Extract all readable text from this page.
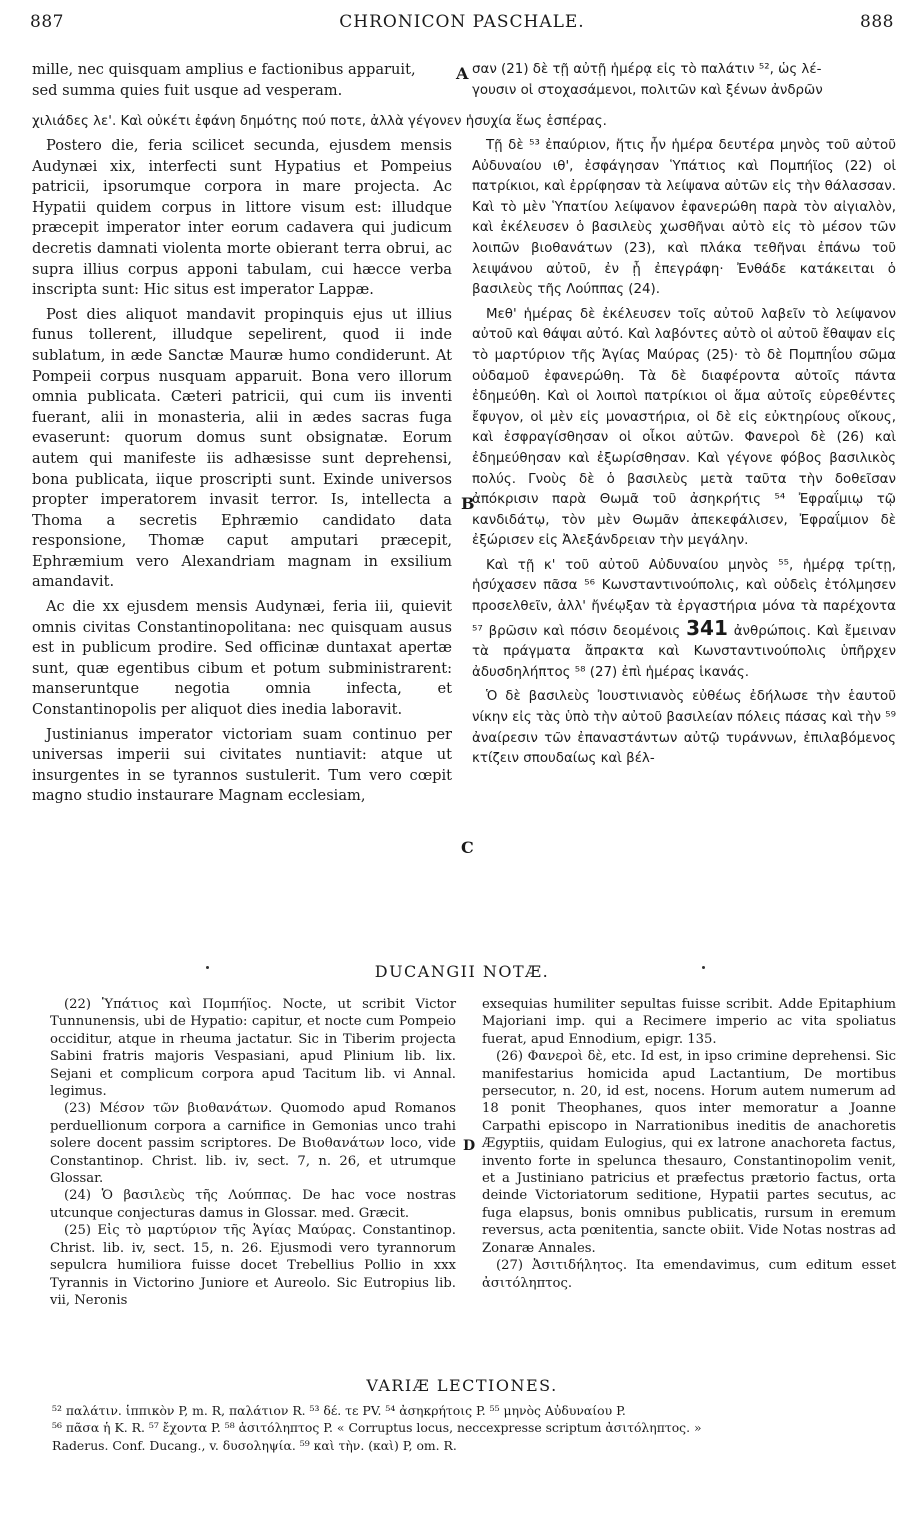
887	CHRONICON PASCHALE.	888

mille, nec quisquam amplius e factionibus apparuit,

sed summa quies fuit usque ad vesperam.

A σαν (21) δὲ τῇ αὐτῇ ἡμέρᾳ εἰς τὸ παλάτιν ⁵², ὡς λέ-

γουσιν οἱ στοχασάμενοι, πολιτῶν καὶ ξένων ἀνδρῶν

χιλιάδες λε'. Καὶ οὐκέτι ἐφάνη δημότης πού ποτε, ἀλλὰ γέγονεν ἡσυχία ἕως ἑσπέρας.

Postero die, feria scilicet secunda, ejusdem mensis Audynæi xix, interfecti sunt Hypatius et Pompeius patricii, ipsorumque corpora in mare projecta. Ac Hypatii quidem corpus in littore visum est: illudque præcepit imperator inter eorum cadavera qui judicum decretis damnati violenta morte obierant terra obrui, ac supra illius corpus apponi tabulam, cui hæcce verba inscripta sunt: Hic situs est imperator Lappæ.

Post dies aliquot mandavit propinquis ejus ut illius funus tollerent, illudque sepelirent, quod ii inde sublatum, in æde Sanctæ Mauræ humo condiderunt. At Pompeii corpus nusquam apparuit. Bona vero illorum omnia publicata. Cæteri patricii, qui cum iis inventi fuerant, alii in monasteria, alii in ædes sacras fuga evaserunt: quorum domus sunt obsignatæ. Eorum autem qui manifeste iis adhæsisse sunt deprehensi, bona publicata, iique proscripti sunt. Exinde universos propter imperatorem invasit terror. Is, intellecta a Thoma a secretis Ephræmio candidato data responsione, Thomæ caput amputari præcepit, Ephræmium vero Alexandriam magnam in exsilium amandavit.

Ac die xx ejusdem mensis Audynæi, feria iii, quievit omnis civitas Constantinopolitana: nec quisquam ausus est in publicum prodire. Sed officinæ duntaxat apertæ sunt, quæ egentibus cibum et potum subministrarent: manseruntque negotia omnia infecta, et Constantinopolis per aliquot dies inedia laboravit.

Justinianus imperator victoriam suam continuo per universas imperii sui civitates nuntiavit: atque ut insurgentes in se tyrannos sustulerit. Tum vero cœpit magno studio instaurare Magnam ecclesiam,

B
C

Τῇ δὲ ⁵³ ἐπαύριον, ἥτις ἦν ἡμέρα δευτέρα μηνὸς τοῦ αὐτοῦ Αὐδυναίου ιθ', ἐσφάγησαν Ὑπάτιος καὶ Πομπήϊος (22) οἱ πατρίκιοι, καὶ ἐρρίφησαν τὰ λείψανα αὐτῶν εἰς τὴν θάλασσαν. Καὶ τὸ μὲν Ὑπατίου λείψανον ἐφανερώθη παρὰ τὸν αἰγιαλὸν, καὶ ἐκέλευσεν ὁ βασιλεὺς χωσθῆναι αὐτὸ εἰς τὸ μέσον τῶν λοιπῶν βιοθανάτων (23), καὶ πλάκα τεθῆναι ἐπάνω τοῦ λειψάνου αὐτοῦ, ἐν ᾗ ἐπεγράφη· Ἐνθάδε κατάκειται ὁ βασιλεὺς τῆς Λούππας (24).

Μεθ' ἡμέρας δὲ ἐκέλευσεν τοῖς αὐτοῦ λαβεῖν τὸ λείψανον αὐτοῦ καὶ θάψαι αὐτό. Καὶ λαβόντες αὐτὸ οἱ αὐτοῦ ἔθαψαν εἰς τὸ μαρτύριον τῆς Ἁγίας Μαύρας (25)· τὸ δὲ Πομπηΐου σῶμα οὐδαμοῦ ἐφανερώθη. Τὰ δὲ διαφέροντα αὐτοῖς πάντα ἐδημεύθη. Καὶ οἱ λοιποὶ πατρίκιοι οἱ ἅμα αὐτοῖς εὑρεθέντες ἔφυγον, οἱ μὲν εἰς μοναστήρια, οἱ δὲ εἰς εὐκτηρίους οἴκους, καὶ ἐσφραγίσθησαν οἱ οἶκοι αὐτῶν. Φανεροὶ δὲ (26) καὶ ἐδημεύθησαν καὶ ἐξωρίσθησαν. Καὶ γέγονε φόβος βασιλικὸς πολύς. Γνοὺς δὲ ὁ βασιλεὺς μετὰ ταῦτα τὴν δοθεῖσαν ἀπόκρισιν παρὰ Θωμᾶ τοῦ ἀσηκρήτις ⁵⁴ Ἐφραΐμιῳ τῷ κανδιδάτῳ, τὸν μὲν Θωμᾶν ἀπεκεφάλισεν, Ἐφραΐμιον δὲ ἐξώρισεν εἰς Ἀλεξάνδρειαν τὴν μεγάλην.

Καὶ τῇ κ' τοῦ αὐτοῦ Αὐδυναίου μηνὸς ⁵⁵, ἡμέρᾳ τρίτῃ, ἡσύχασεν πᾶσα ⁵⁶ Κωνσταντινούπολις, καὶ οὐδεὶς ἐτόλμησεν προσελθεῖν, ἀλλ' ἤνέῳξαν τὰ ἐργαστήρια μόνα τὰ παρέχοντα ⁵⁷ βρῶσιν καὶ πόσιν δεομένοις 341 ἀνθρώποις. Καὶ ἔμειναν τὰ πράγματα ἄπρακτα καὶ Κωνσταντινούπολις ὑπῆρχεν ἀδυσδηλήπτος ⁵⁸ (27) ἐπὶ ἡμέρας ἱκανάς.

Ὁ δὲ βασιλεὺς Ἰουστινιανὸς εὐθέως ἐδήλωσε τὴν ἑαυτοῦ νίκην εἰς τὰς ὑπὸ τὴν αὐτοῦ βασιλείαν πόλεις πάσας καὶ τὴν ⁵⁹ ἀναίρεσιν τῶν ἐπαναστάντων αὐτῷ τυράννων, ἐπιλαβόμενος κτίζειν σπουδαίως καὶ βέλ-

DUCANGII NOTÆ.

(22) Ὑπάτιος καὶ Πομπήϊος. Nocte, ut scribit Victor Tunnunensis, ubi de Hypatio: capitur, et nocte cum Pompeio occiditur, atque in rheuma jactatur. Sic in Tiberim projecta Sabini fratris majoris Vespasiani, apud Plinium lib. lix. Sejani et complicum corpora apud Tacitum lib. vi Annal. legimus.

(23) Μέσον τῶν βιοθανάτων. Quomodo apud Romanos perduellionum corpora a carnifice in Gemonias unco trahi solere docent passim scriptores. De Βιοθανάτων loco, vide Constantinop. Christ. lib. iv, sect. 7, n. 26, et utrumque Glossar.

(24) Ὁ βασιλεὺς τῆς Λούππας. De hac voce nostras utcunque conjecturas damus in Glossar. med. Græcit.

(25) Εἰς τὸ μαρτύριον τῆς Ἁγίας Μαύρας. Constantinop. Christ. lib. iv, sect. 15, n. 26. Ejusmodi vero tyrannorum sepulcra humiliora fuisse docet Trebellius Pollio in xxx Tyrannis in Victorino Juniore et Aureolo. Sic Eutropius lib. vii, Neronis

D

exsequias humiliter sepultas fuisse scribit. Adde Epitaphium Majoriani imp. qui a Recimere imperio ac vita spoliatus fuerat, apud Ennodium, epigr. 135.

(26) Φανεροὶ δὲ, etc. Id est, in ipso crimine deprehensi. Sic manifestarius homicida apud Lactantium, De mortibus persecutor, n. 20, id est, nocens. Horum autem numerum ad 18 ponit Theophanes, quos inter memoratur a Joanne Carpathi episcopo in Narrationibus ineditis de anachoretis Ægyptiis, quidam Eulogius, qui ex latrone anachoreta factus, invento forte in spelunca thesauro, Constantinopolim venit, et a Justiniano patricius et præfectus prætorio factus, orta deinde Victoriatorum seditione, Hypatii partes secutus, ac fuga elapsus, bonis omnibus publicatis, rursum in eremum reversus, acta pœnitentia, sancte obiit. Vide Notas nostras ad Zonaræ Annales.

(27) Ἀσιτιδήλητος. Ita emendavimus, cum editum esset ἀσιτόληπτος.

VARIÆ LECTIONES.

⁵² παλάτιν. ἱππικὸν P, m. R, παλάτιον R. ⁵³ δέ. τε PV. ⁵⁴ ἀσηκρήτοις P. ⁵⁵ μηνὸς Αὐδυναίου P.

⁵⁶ πᾶσα ἡ K. R. ⁵⁷ ἔχοντα P. ⁵⁸ ἀσιτόληπτος P. « Corruptus locus, neccexpresse scriptum ἀσιτόληπτος. »

Raderus. Conf. Ducang., v. δυσοληψία. ⁵⁹ καὶ τὴν. (καὶ) P, om. R.
